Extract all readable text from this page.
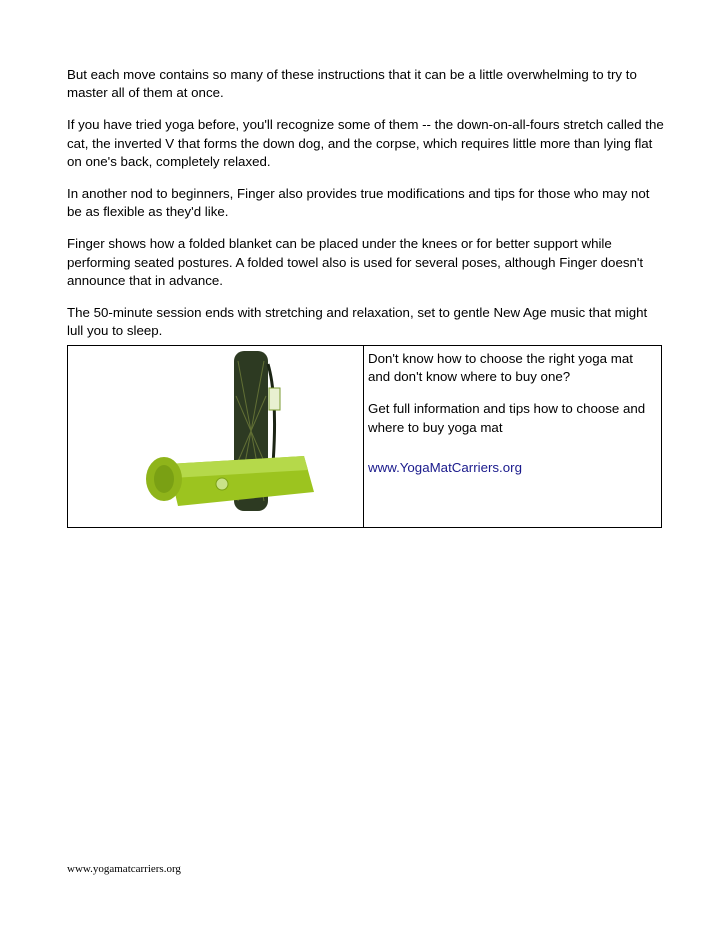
But each move contains so many of these instructions that it can be a little overwhelming to try to master all of them at once.

If you have tried yoga before, you'll recognize some of them -- the down-on-all-fours stretch called the cat, the inverted V that forms the down dog, and the corpse, which requires little more than lying flat on one's back, completely relaxed.

In another nod to beginners, Finger also provides true modifications and tips for those who may not be as flexible as they'd like.

Finger shows how a folded blanket can be placed under the knees or for better support while performing seated postures. A folded towel also is used for several poses, although Finger doesn't announce that in advance.

The 50-minute session ends with stretching and relaxation, set to gentle New Age music that might lull you to sleep.

Don't know how to choose the right yoga mat and don't know where to buy one?

Get full information and tips how to choose and where to buy yoga mat

www.YogaMatCarriers.org

www.yogamatcarriers.org
